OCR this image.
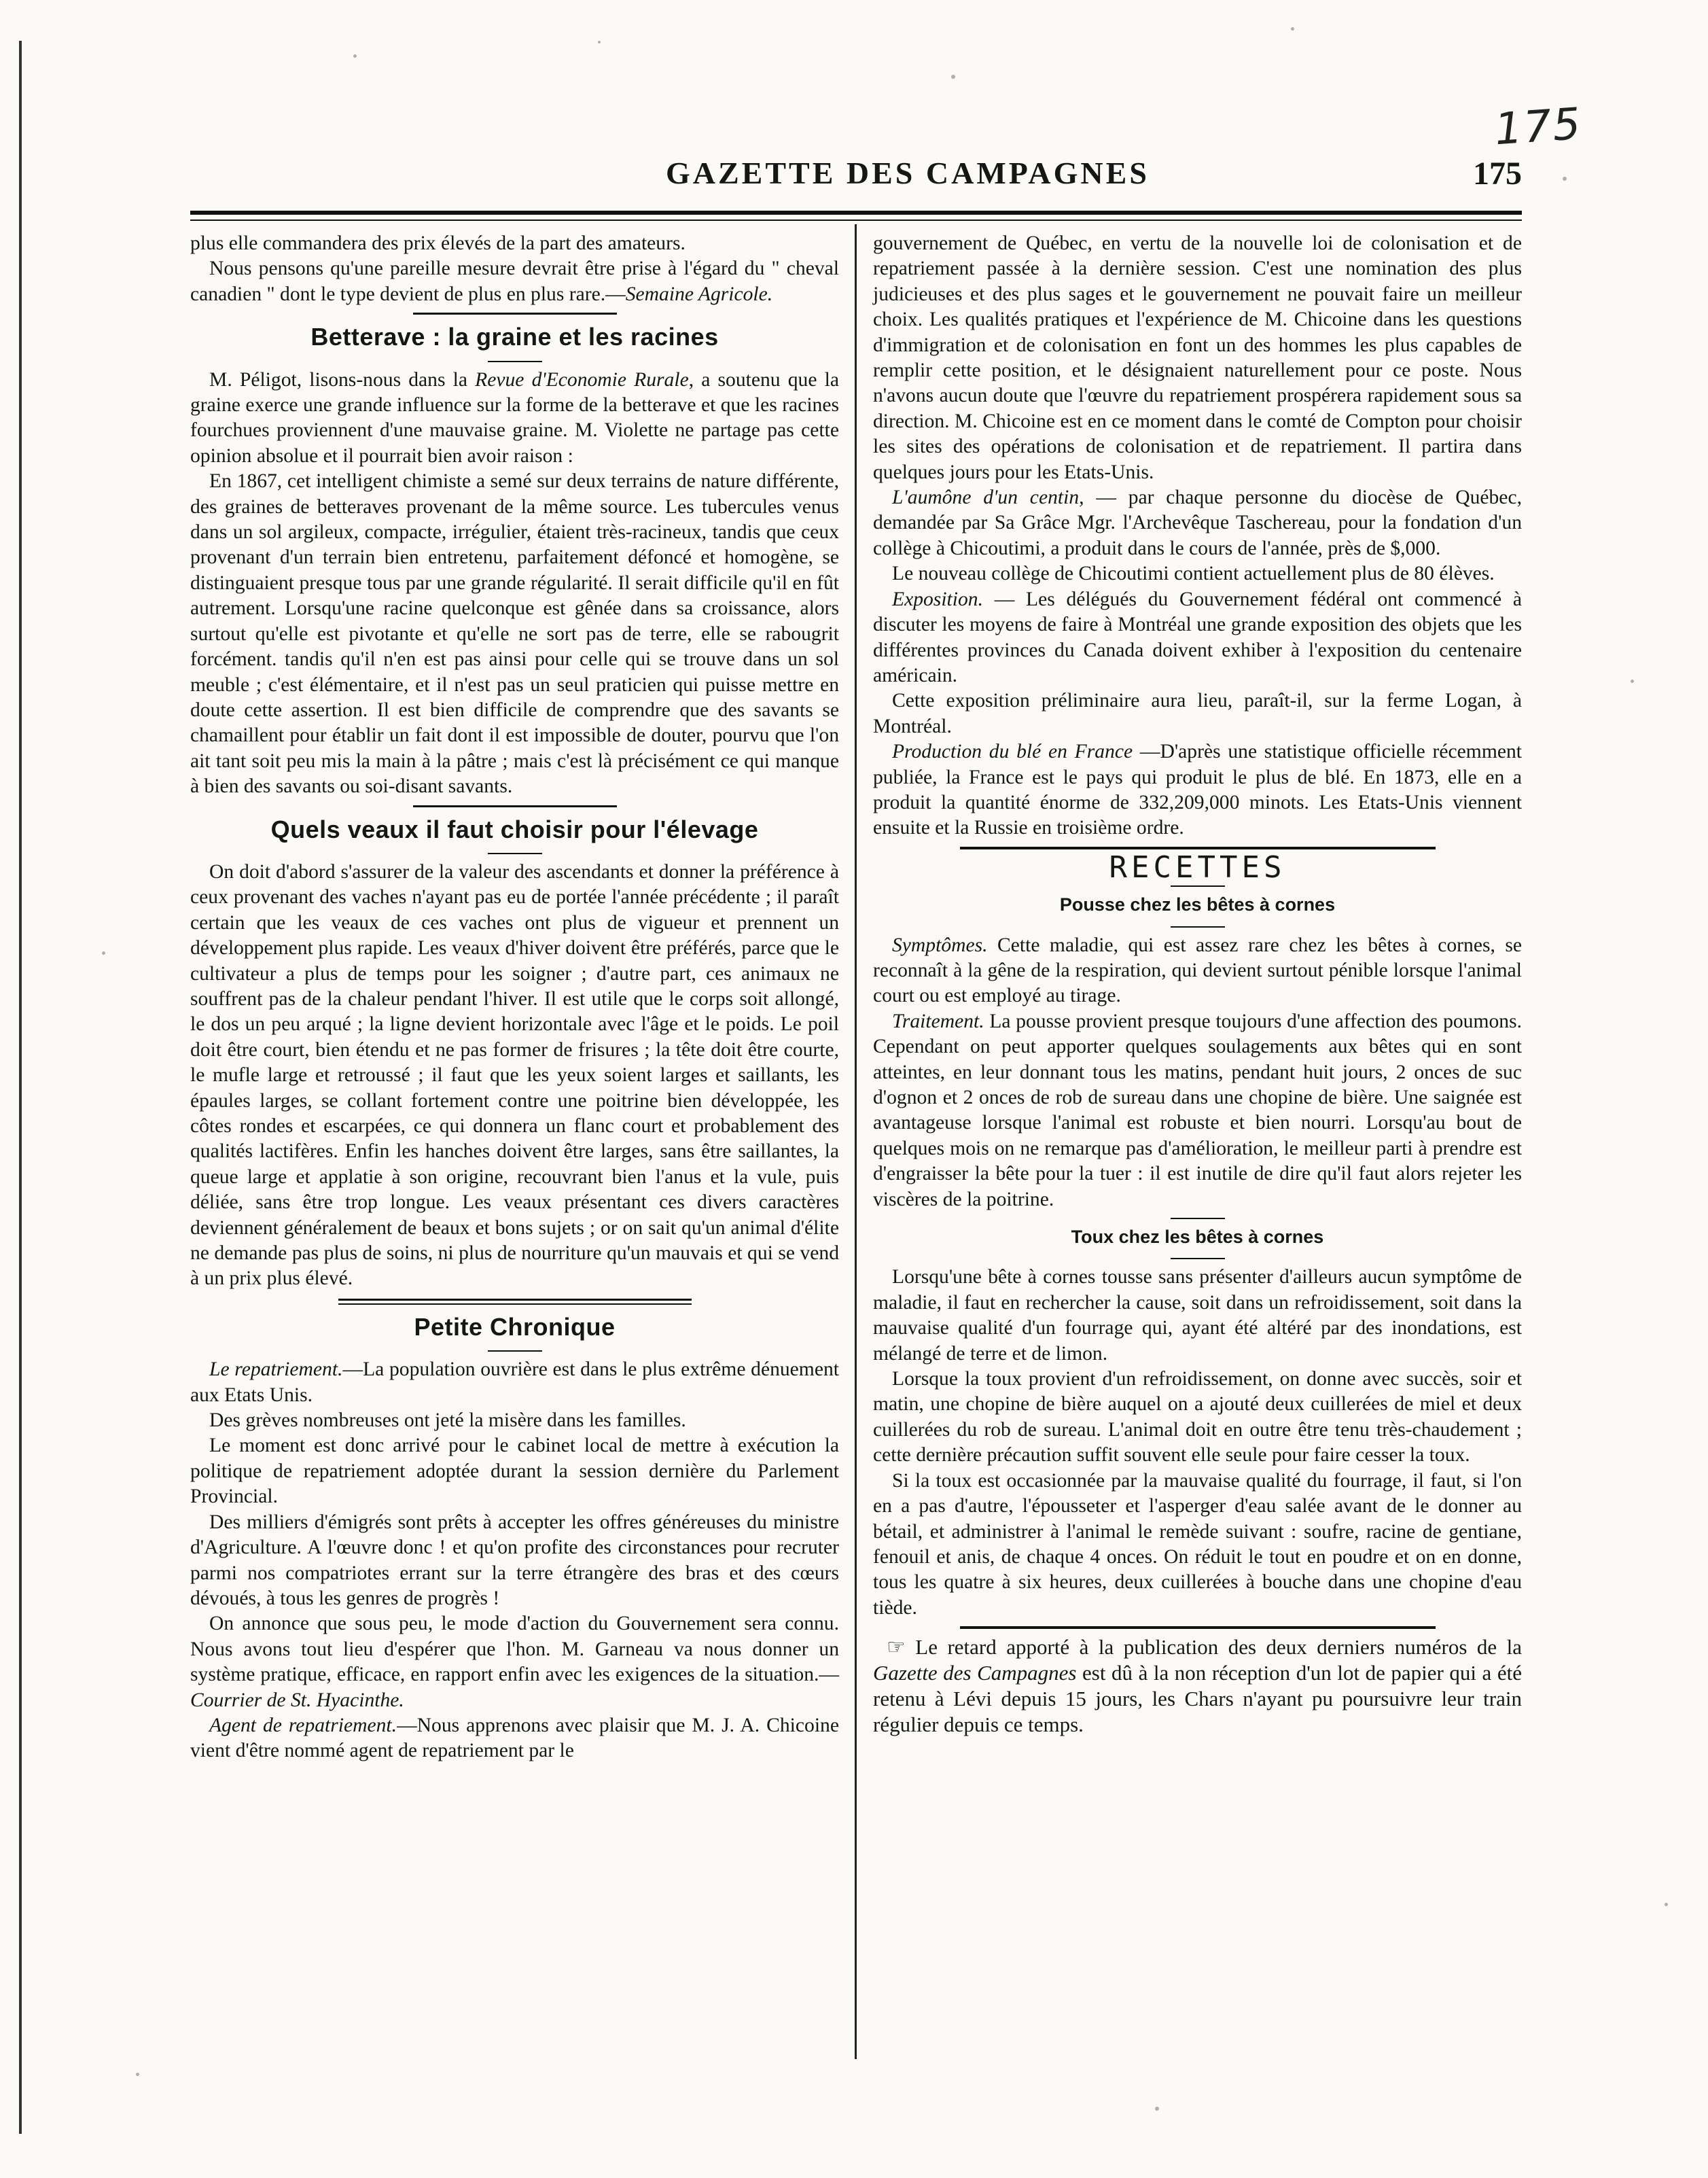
175
GAZETTE DES CAMPAGNES	175

plus elle commandera des prix élevés de la part des amateurs.

Nous pensons qu'une pareille mesure devrait être prise à l'égard du " cheval canadien " dont le type devient de plus en plus rare.—Semaine Agricole.

Betterave : la graine et les racines

M. Péligot, lisons-nous dans la Revue d'Economie Rurale, a soutenu que la graine exerce une grande influence sur la forme de la betterave et que les racines fourchues proviennent d'une mauvaise graine. M. Violette ne partage pas cette opinion absolue et il pourrait bien avoir raison :

En 1867, cet intelligent chimiste a semé sur deux terrains de nature différente, des graines de betteraves provenant de la même source. Les tubercules venus dans un sol argileux, compacte, irrégulier, étaient très-racineux, tandis que ceux provenant d'un terrain bien entretenu, parfaitement défoncé et homogène, se distinguaient presque tous par une grande régularité. Il serait difficile qu'il en fût autrement. Lorsqu'une racine quelconque est gênée dans sa croissance, alors surtout qu'elle est pivotante et qu'elle ne sort pas de terre, elle se rabougrit forcément. tandis qu'il n'en est pas ainsi pour celle qui se trouve dans un sol meuble ; c'est élémentaire, et il n'est pas un seul praticien qui puisse mettre en doute cette assertion. Il est bien difficile de comprendre que des savants se chamaillent pour établir un fait dont il est impossible de douter, pourvu que l'on ait tant soit peu mis la main à la pâtre ; mais c'est là précisément ce qui manque à bien des savants ou soi-disant savants.

Quels veaux il faut choisir pour l'élevage

On doit d'abord s'assurer de la valeur des ascendants et donner la préférence à ceux provenant des vaches n'ayant pas eu de portée l'année précédente ; il paraît certain que les veaux de ces vaches ont plus de vigueur et prennent un développement plus rapide. Les veaux d'hiver doivent être préférés, parce que le cultivateur a plus de temps pour les soigner ; d'autre part, ces animaux ne souffrent pas de la chaleur pendant l'hiver. Il est utile que le corps soit allongé, le dos un peu arqué ; la ligne devient horizontale avec l'âge et le poids. Le poil doit être court, bien étendu et ne pas former de frisures ; la tête doit être courte, le mufle large et retroussé ; il faut que les yeux soient larges et saillants, les épaules larges, se collant fortement contre une poitrine bien développée, les côtes rondes et escarpées, ce qui donnera un flanc court et probablement des qualités lactifères. Enfin les hanches doivent être larges, sans être saillantes, la queue large et applatie à son origine, recouvrant bien l'anus et la vule, puis déliée, sans être trop longue. Les veaux présentant ces divers caractères deviennent généralement de beaux et bons sujets ; or on sait qu'un animal d'élite ne demande pas plus de soins, ni plus de nourriture qu'un mauvais et qui se vend à un prix plus élevé.

Petite Chronique

Le repatriement.—La population ouvrière est dans le plus extrême dénuement aux Etats Unis.

Des grèves nombreuses ont jeté la misère dans les familles.

Le moment est donc arrivé pour le cabinet local de mettre à exécution la politique de repatriement adoptée durant la session dernière du Parlement Provincial.

Des milliers d'émigrés sont prêts à accepter les offres généreuses du ministre d'Agriculture. A l'œuvre donc ! et qu'on profite des circonstances pour recruter parmi nos compatriotes errant sur la terre étrangère des bras et des cœurs dévoués, à tous les genres de progrès !

On annonce que sous peu, le mode d'action du Gouvernement sera connu. Nous avons tout lieu d'espérer que l'hon. M. Garneau va nous donner un système pratique, efficace, en rapport enfin avec les exigences de la situation.—Courrier de St. Hyacinthe.

Agent de repatriement.—Nous apprenons avec plaisir que M. J. A. Chicoine vient d'être nommé agent de repatriement par le

gouvernement de Québec, en vertu de la nouvelle loi de colonisation et de repatriement passée à la dernière session. C'est une nomination des plus judicieuses et des plus sages et le gouvernement ne pouvait faire un meilleur choix. Les qualités pratiques et l'expérience de M. Chicoine dans les questions d'immigration et de colonisation en font un des hommes les plus capables de remplir cette position, et le désignaient naturellement pour ce poste. Nous n'avons aucun doute que l'œuvre du repatriement prospérera rapidement sous sa direction. M. Chicoine est en ce moment dans le comté de Compton pour choisir les sites des opérations de colonisation et de repatriement. Il partira dans quelques jours pour les Etats-Unis.

L'aumône d'un centin, — par chaque personne du diocèse de Québec, demandée par Sa Grâce Mgr. l'Archevêque Taschereau, pour la fondation d'un collège à Chicoutimi, a produit dans le cours de l'année, près de $,000.

Le nouveau collège de Chicoutimi contient actuellement plus de 80 élèves.

Exposition. — Les délégués du Gouvernement fédéral ont commencé à discuter les moyens de faire à Montréal une grande exposition des objets que les différentes provinces du Canada doivent exhiber à l'exposition du centenaire américain.

Cette exposition préliminaire aura lieu, paraît-il, sur la ferme Logan, à Montréal.

Production du blé en France —D'après une statistique officielle récemment publiée, la France est le pays qui produit le plus de blé. En 1873, elle en a produit la quantité énorme de 332,209,000 minots. Les Etats-Unis viennent ensuite et la Russie en troisième ordre.

RECETTES
Pousse chez les bêtes à cornes

Symptômes. Cette maladie, qui est assez rare chez les bêtes à cornes, se reconnaît à la gêne de la respiration, qui devient surtout pénible lorsque l'animal court ou est employé au tirage.

Traitement. La pousse provient presque toujours d'une affection des poumons. Cependant on peut apporter quelques soulagements aux bêtes qui en sont atteintes, en leur donnant tous les matins, pendant huit jours, 2 onces de suc d'ognon et 2 onces de rob de sureau dans une chopine de bière. Une saignée est avantageuse lorsque l'animal est robuste et bien nourri. Lorsqu'au bout de quelques mois on ne remarque pas d'amélioration, le meilleur parti à prendre est d'engraisser la bête pour la tuer : il est inutile de dire qu'il faut alors rejeter les viscères de la poitrine.

Toux chez les bêtes à cornes

Lorsqu'une bête à cornes tousse sans présenter d'ailleurs aucun symptôme de maladie, il faut en rechercher la cause, soit dans un refroidissement, soit dans la mauvaise qualité d'un fourrage qui, ayant été altéré par des inondations, est mélangé de terre et de limon.

Lorsque la toux provient d'un refroidissement, on donne avec succès, soir et matin, une chopine de bière auquel on a ajouté deux cuillerées de miel et deux cuillerées du rob de sureau. L'animal doit en outre être tenu très-chaudement ; cette dernière précaution suffit souvent elle seule pour faire cesser la toux.

Si la toux est occasionnée par la mauvaise qualité du fourrage, il faut, si l'on en a pas d'autre, l'épousseter et l'asperger d'eau salée avant de le donner au bétail, et administrer à l'animal le remède suivant : soufre, racine de gentiane, fenouil et anis, de chaque 4 onces. On réduit le tout en poudre et on en donne, tous les quatre à six heures, deux cuillerées à bouche dans une chopine d'eau tiède.

☞ Le retard apporté à la publication des deux derniers numéros de la Gazette des Campagnes est dû à la non réception d'un lot de papier qui a été retenu à Lévi depuis 15 jours, les Chars n'ayant pu poursuivre leur train régulier depuis ce temps.
